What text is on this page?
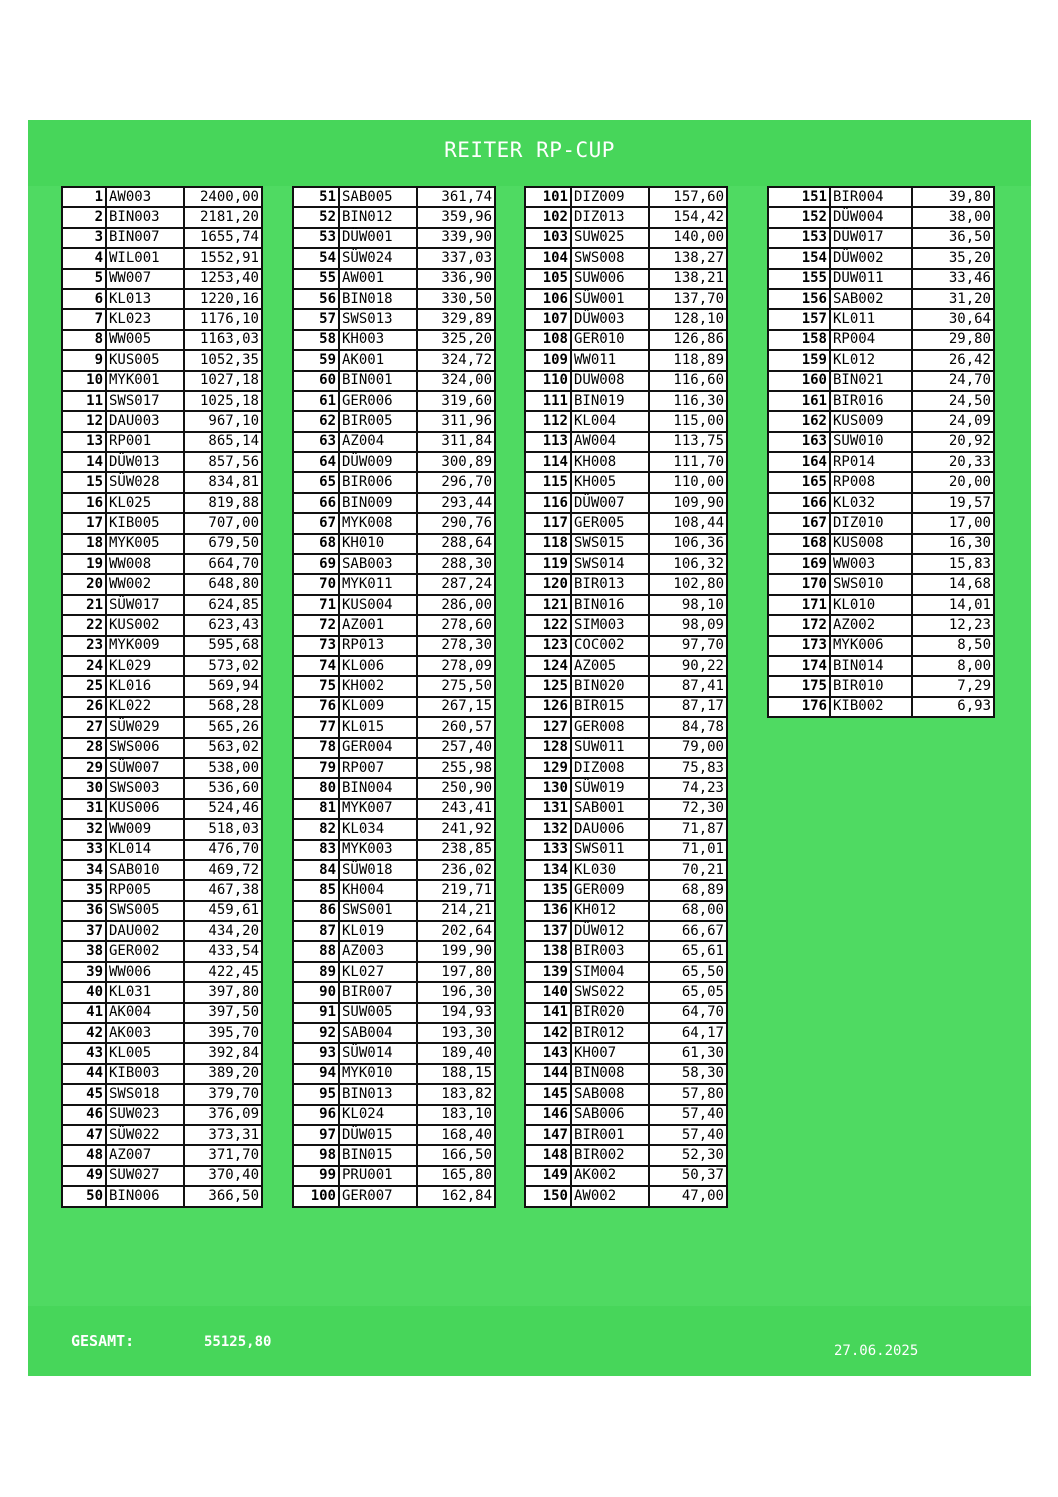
REITER RP-CUP
1	AW003	2400,00
2	BIN003	2181,20
3	BIN007	1655,74
4	WIL001	1552,91
5	WW007	1253,40
6	KL013	1220,16
7	KL023	1176,10
8	WW005	1163,03
9	KUS005	1052,35
10	MYK001	1027,18
11	SWS017	1025,18
12	DAU003	967,10
13	RP001	865,14
14	DÜW013	857,56
15	SÜW028	834,81
16	KL025	819,88
17	KIB005	707,00
18	MYK005	679,50
19	WW008	664,70
20	WW002	648,80
21	SÜW017	624,85
22	KUS002	623,43
23	MYK009	595,68
24	KL029	573,02
25	KL016	569,94
26	KL022	568,28
27	SÜW029	565,26
28	SWS006	563,02
29	SÜW007	538,00
30	SWS003	536,60
31	KUS006	524,46
32	WW009	518,03
33	KL014	476,70
34	SAB010	469,72
35	RP005	467,38
36	SWS005	459,61
37	DAU002	434,20
38	GER002	433,54
39	WW006	422,45
40	KL031	397,80
41	AK004	397,50
42	AK003	395,70
43	KL005	392,84
44	KIB003	389,20
45	SWS018	379,70
46	SÜW023	376,09
47	SÜW022	373,31
48	AZ007	371,70
49	SÜW027	370,40
50	BIN006	366,50
51	SAB005	361,74
52	BIN012	359,96
53	DÜW001	339,90
54	SÜW024	337,03
55	AW001	336,90
56	BIN018	330,50
57	SWS013	329,89
58	KH003	325,20
59	AK001	324,72
60	BIN001	324,00
61	GER006	319,60
62	BIR005	311,96
63	AZ004	311,84
64	DÜW009	300,89
65	BIR006	296,70
66	BIN009	293,44
67	MYK008	290,76
68	KH010	288,64
69	SAB003	288,30
70	MYK011	287,24
71	KUS004	286,00
72	AZ001	278,60
73	RP013	278,30
74	KL006	278,09
75	KH002	275,50
76	KL009	267,15
77	KL015	260,57
78	GER004	257,40
79	RP007	255,98
80	BIN004	250,90
81	MYK007	243,41
82	KL034	241,92
83	MYK003	238,85
84	SÜW018	236,02
85	KH004	219,71
86	SWS001	214,21
87	KL019	202,64
88	AZ003	199,90
89	KL027	197,80
90	BIR007	196,30
91	SÜW005	194,93
92	SAB004	193,30
93	SÜW014	189,40
94	MYK010	188,15
95	BIN013	183,82
96	KL024	183,10
97	DÜW015	168,40
98	BIN015	166,50
99	PRÜ001	165,80
100	GER007	162,84
101	DIZ009	157,60
102	DIZ013	154,42
103	SÜW025	140,00
104	SWS008	138,27
105	SÜW006	138,21
106	SÜW001	137,70
107	DÜW003	128,10
108	GER010	126,86
109	WW011	118,89
110	DÜW008	116,60
111	BIN019	116,30
112	KL004	115,00
113	AW004	113,75
114	KH008	111,70
115	KH005	110,00
116	DÜW007	109,90
117	GER005	108,44
118	SWS015	106,36
119	SWS014	106,32
120	BIR013	102,80
121	BIN016	98,10
122	SIM003	98,09
123	COC002	97,70
124	AZ005	90,22
125	BIN020	87,41
126	BIR015	87,17
127	GER008	84,78
128	SÜW011	79,00
129	DIZ008	75,83
130	SÜW019	74,23
131	SAB001	72,30
132	DAU006	71,87
133	SWS011	71,01
134	KL030	70,21
135	GER009	68,89
136	KH012	68,00
137	DÜW012	66,67
138	BIR003	65,61
139	SIM004	65,50
140	SWS022	65,05
141	BIR020	64,70
142	BIR012	64,17
143	KH007	61,30
144	BIN008	58,30
145	SAB008	57,80
146	SAB006	57,40
147	BIR001	57,40
148	BIR002	52,30
149	AK002	50,37
150	AW002	47,00
151	BIR004	39,80
152	DÜW004	38,00
153	DÜW017	36,50
154	DÜW002	35,20
155	DÜW011	33,46
156	SAB002	31,20
157	KL011	30,64
158	RP004	29,80
159	KL012	26,42
160	BIN021	24,70
161	BIR016	24,50
162	KUS009	24,09
163	SÜW010	20,92
164	RP014	20,33
165	RP008	20,00
166	KL032	19,57
167	DIZ010	17,00
168	KUS008	16,30
169	WW003	15,83
170	SWS010	14,68
171	KL010	14,01
172	AZ002	12,23
173	MYK006	8,50
174	BIN014	8,00
175	BIR010	7,29
176	KIB002	6,93
GESAMT:	55125,80
27.06.2025
